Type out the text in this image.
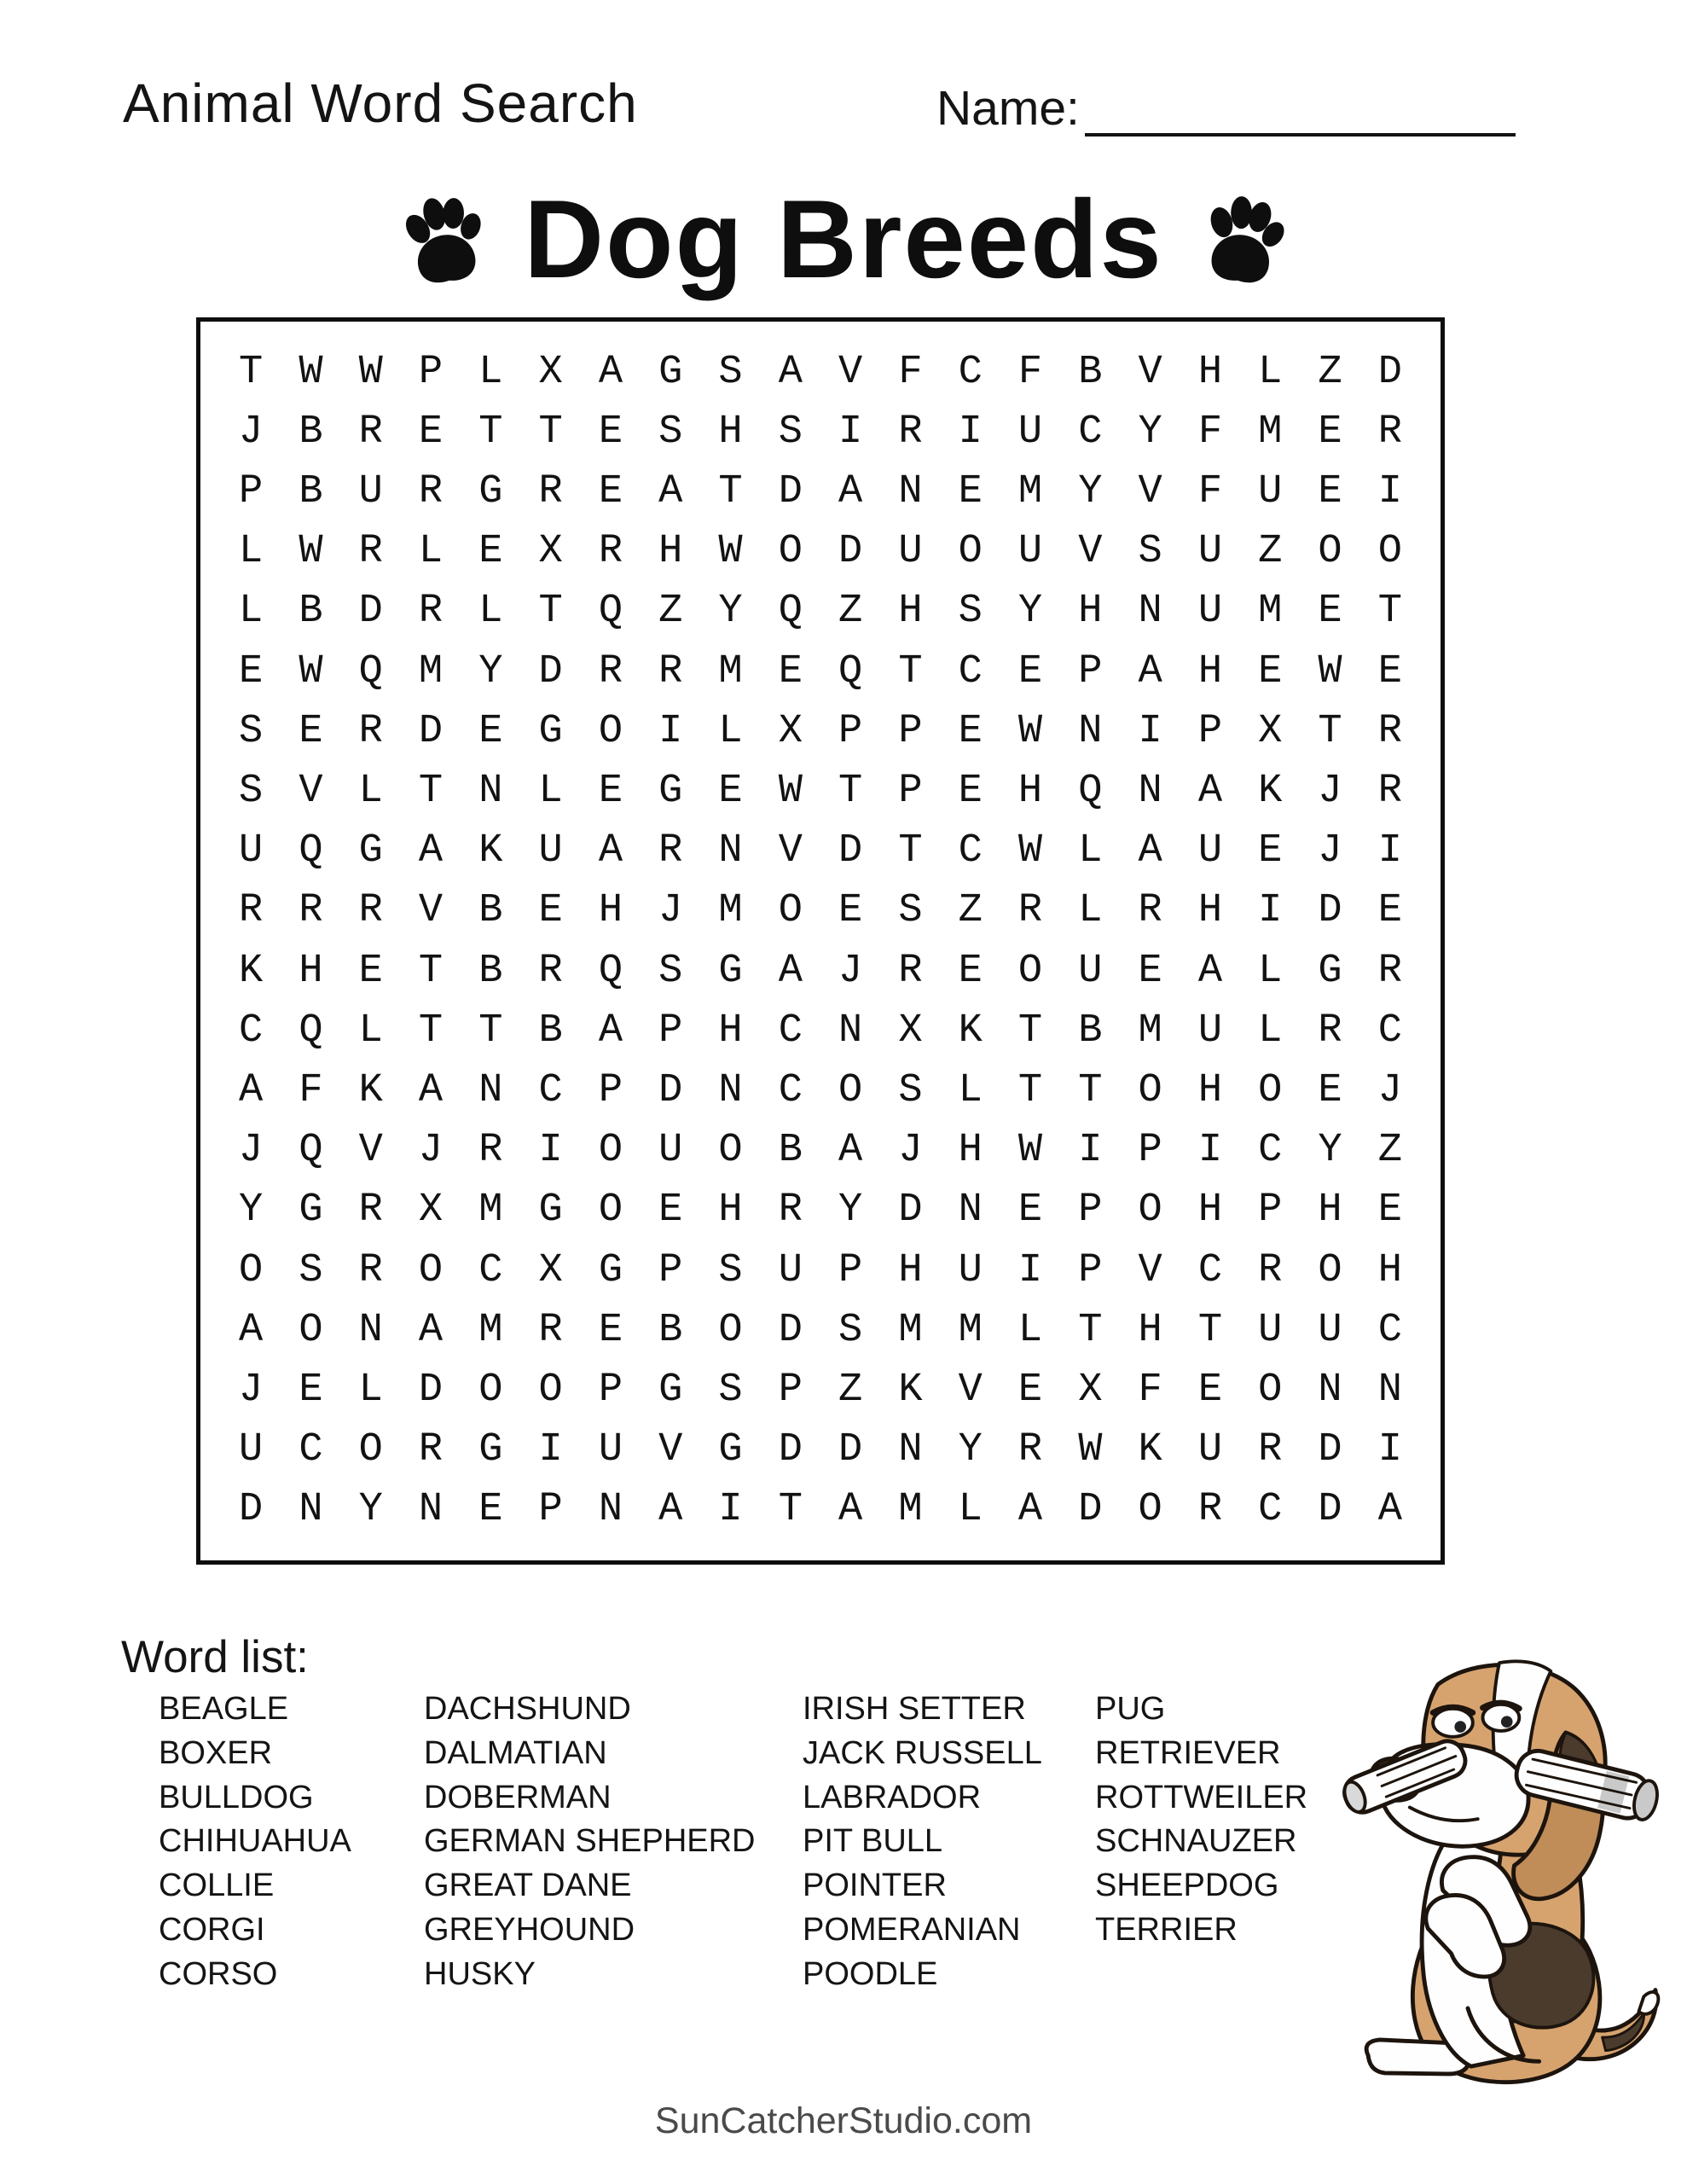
Animal Word Search	Name:
Dog Breeds
T W W P L X A G S A V F C F B V H L Z D
J B R E T T E S H S I R I U C Y F M E R
P B U R G R E A T D A N E M Y V F U E I
L W R L E X R H W O D U O U V S U Z O O
L B D R L T Q Z Y Q Z H S Y H N U M E T
E W Q M Y D R R M E Q T C E P A H E W E
S E R D E G O I L X P P E W N I P X T R
S V L T N L E G E W T P E H Q N A K J R
U Q G A K U A R N V D T C W L A U E J I
R R R V B E H J M O E S Z R L R H I D E
K H E T B R Q S G A J R E O U E A L G R
C Q L T T B A P H C N X K T B M U L R C
A F K A N C P D N C O S L T T O H O E J
J Q V J R I O U O B A J H W I P I C Y Z
Y G R X M G O E H R Y D N E P O H P H E
O S R O C X G P S U P H U I P V C R O H
A O N A M R E B O D S M M L T H T U U C
J E L D O O P G S P Z K V E X F E O N N
U C O R G I U V G D D N Y R W K U R D I
D N Y N E P N A I T A M L A D O R C D A
Word list:
BEAGLE
BOXER
BULLDOG
CHIHUAHUA
COLLIE
CORGI
CORSO
DACHSHUND
DALMATIAN
DOBERMAN
GERMAN SHEPHERD
GREAT DANE
GREYHOUND
HUSKY
IRISH SETTER
JACK RUSSELL
LABRADOR
PIT BULL
POINTER
POMERANIAN
POODLE
PUG
RETRIEVER
ROTTWEILER
SCHNAUZER
SHEEPDOG
TERRIER
SunCatcherStudio.com
